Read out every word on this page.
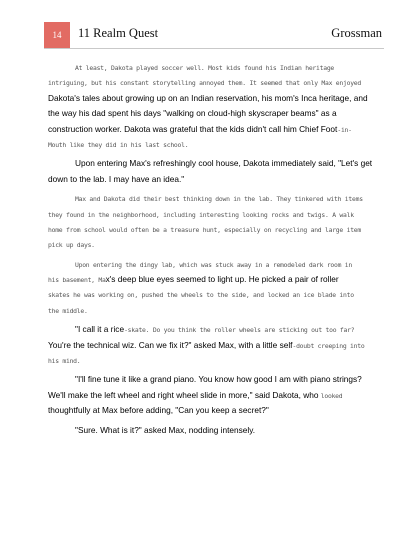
14 11 Realm Quest	Grossman
At least, Dakota played soccer well. Most kids found his Indian heritage
intriguing, but his constant storytelling annoyed them. It seemed that only Max enjoyed
Dakota's tales about growing up on an Indian reservation, his mom's Inca heritage, and
the way his dad spent his days "walking on cloud-high skyscraper beams" as a
construction worker. Dakota was grateful that the kids didn't call him Chief Foot-in-
Mouth like they did in his last school.
Upon entering Max's refreshingly cool house, Dakota immediately said, "Let's get
down to the lab. I may have an idea."
Max and Dakota did their best thinking down in the lab. They tinkered with items
they found in the neighborhood, including interesting looking rocks and twigs. A walk
home from school would often be a treasure hunt, especially on recycling and large item
pick up days.
Upon entering the dingy lab, which was stuck away in a remodeled dark room in
his basement, Max's deep blue eyes seemed to light up. He picked a pair of roller
skates he was working on, pushed the wheels to the side, and locked an ice blade into
the middle.
"I call it a rice-skate. Do you think the roller wheels are sticking out too far?
You're the technical wiz. Can we fix it?" asked Max, with a little self-doubt creeping into
his mind.
"I'll fine tune it like a grand piano. You know how good I am with piano strings?
We'll make the left wheel and right wheel slide in more," said Dakota, who looked
thoughtfully at Max before adding, "Can you keep a secret?"
"Sure. What is it?" asked Max, nodding intensely.
